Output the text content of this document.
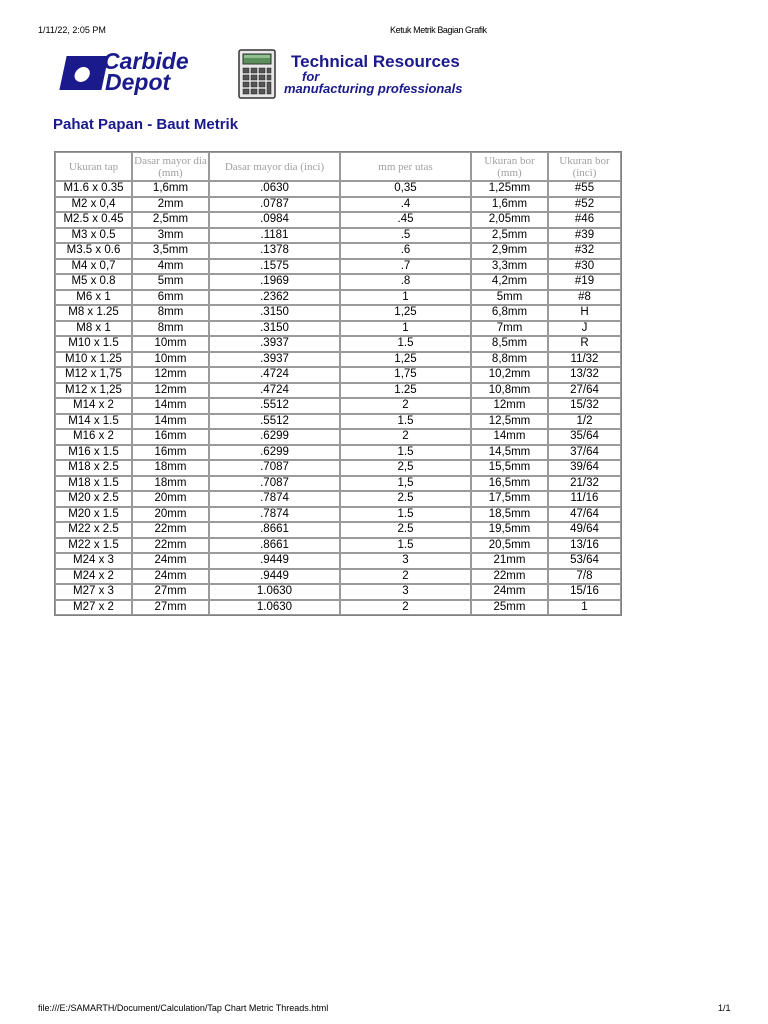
1/11/22, 2:05 PM	Ketuk Metrik Bagian Grafik
Carbide
Depot
Technical Resources
for
manufacturing professionals
Pahat Papan - Baut Metrik
Ukuran tap	Dasar mayor dia (mm)	Dasar mayor dia (inci)	mm per utas	Ukuran bor (mm)	Ukuran bor (inci)
M1.6 x 0.35	1,6mm	.0630	0,35	1,25mm	#55
M2 x 0,4	2mm	.0787	.4	1,6mm	#52
M2.5 x 0.45	2,5mm	.0984	.45	2,05mm	#46
M3 x 0.5	3mm	.1181	.5	2,5mm	#39
M3.5 x 0.6	3,5mm	.1378	.6	2,9mm	#32
M4 x 0,7	4mm	.1575	.7	3,3mm	#30
M5 x 0.8	5mm	.1969	.8	4,2mm	#19
M6 x 1	6mm	.2362	1	5mm	#8
M8 x 1.25	8mm	.3150	1,25	6,8mm	H
M8 x 1	8mm	.3150	1	7mm	J
M10 x 1.5	10mm	.3937	1.5	8,5mm	R
M10 x 1.25	10mm	.3937	1,25	8,8mm	11/32
M12 x 1,75	12mm	.4724	1,75	10,2mm	13/32
M12 x 1,25	12mm	.4724	1.25	10,8mm	27/64
M14 x 2	14mm	.5512	2	12mm	15/32
M14 x 1.5	14mm	.5512	1.5	12,5mm	1/2
M16 x 2	16mm	.6299	2	14mm	35/64
M16 x 1.5	16mm	.6299	1.5	14,5mm	37/64
M18 x 2.5	18mm	.7087	2,5	15,5mm	39/64
M18 x 1.5	18mm	.7087	1,5	16,5mm	21/32
M20 x 2.5	20mm	.7874	2.5	17,5mm	11/16
M20 x 1.5	20mm	.7874	1.5	18,5mm	47/64
M22 x 2.5	22mm	.8661	2.5	19,5mm	49/64
M22 x 1.5	22mm	.8661	1.5	20,5mm	13/16
M24 x 3	24mm	.9449	3	21mm	53/64
M24 x 2	24mm	.9449	2	22mm	7/8
M27 x 3	27mm	1.0630	3	24mm	15/16
M27 x 2	27mm	1.0630	2	25mm	1
file:///E:/SAMARTH/Document/Calculation/Tap Chart Metric Threads.html	1/1
